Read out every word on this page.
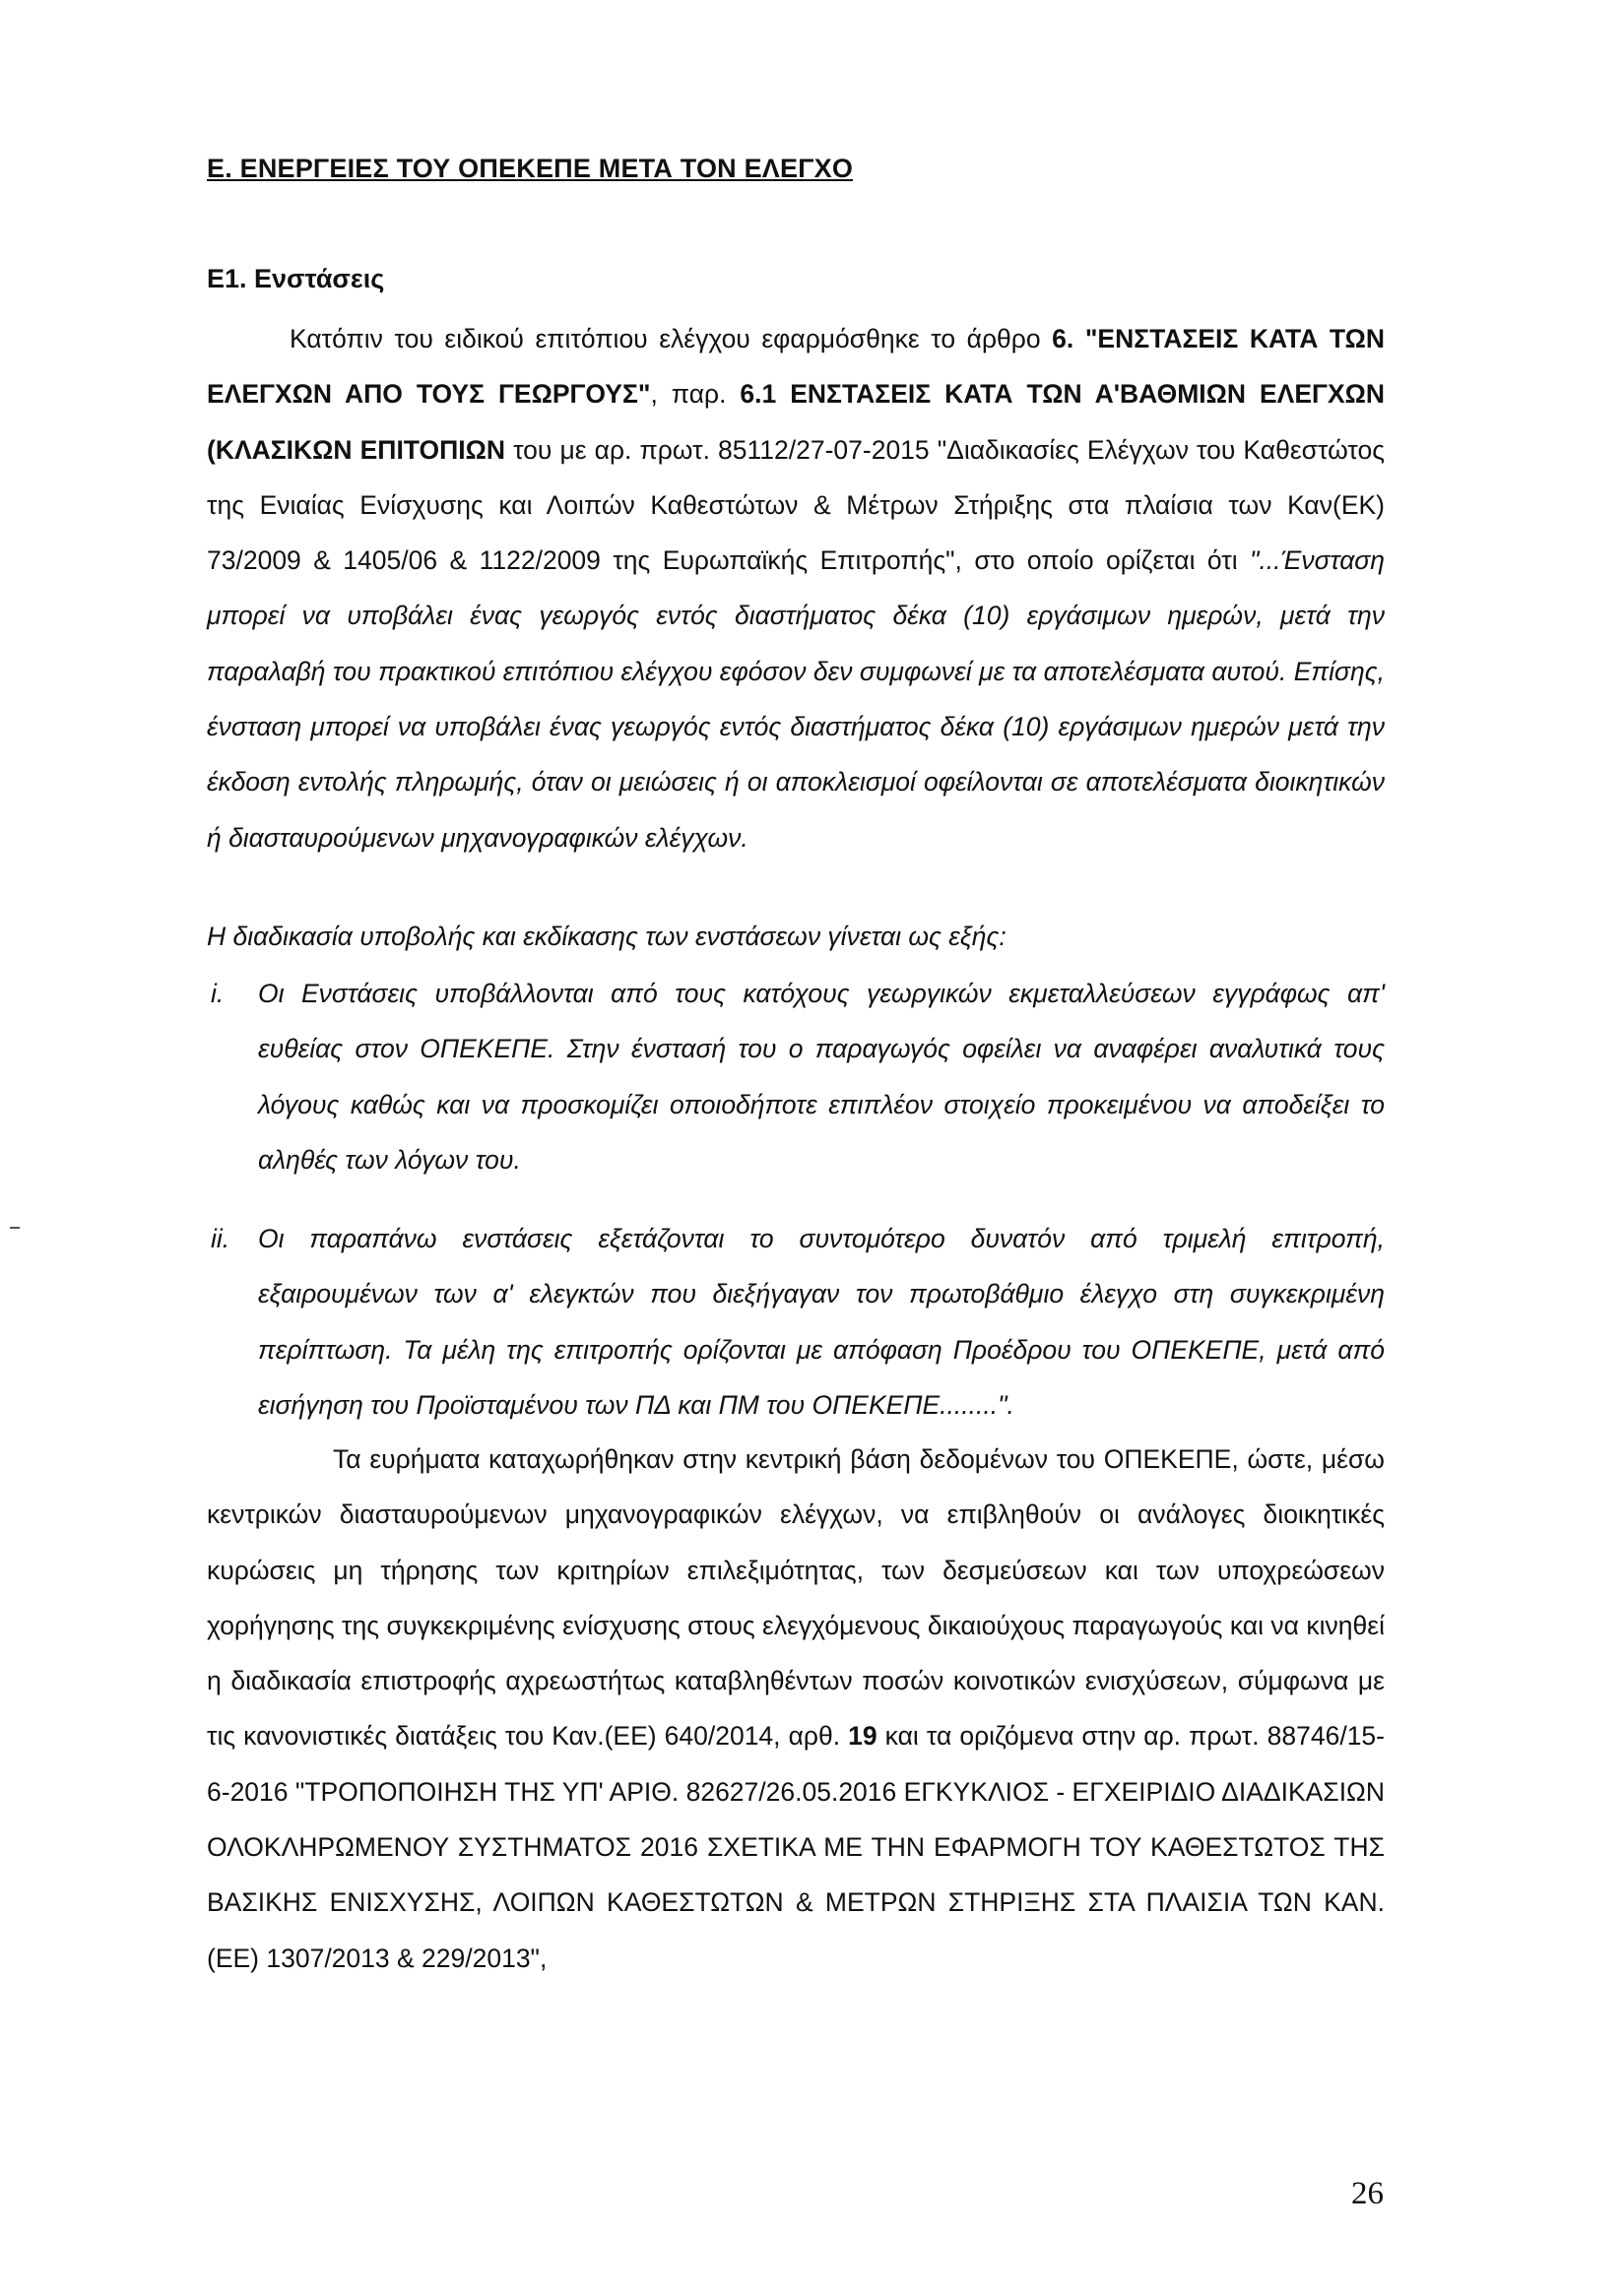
Ε. ΕΝΕΡΓΕΙΕΣ ΤΟΥ ΟΠΕΚΕΠΕ ΜΕΤΑ ΤΟΝ ΕΛΕΓΧΟ
Ε1. Ενστάσεις

Κατόπιν του ειδικού επιτόπιου ελέγχου εφαρμόσθηκε το άρθρο 6. "ΕΝΣΤΑΣΕΙΣ ΚΑΤΑ ΤΩΝ ΕΛΕΓΧΩΝ ΑΠΟ ΤΟΥΣ ΓΕΩΡΓΟΥΣ", παρ. 6.1 ΕΝΣΤΑΣΕΙΣ ΚΑΤΑ ΤΩΝ Α'ΒΑΘΜΙΩΝ ΕΛΕΓΧΩΝ (ΚΛΑΣΙΚΩΝ ΕΠΙΤΟΠΙΩΝ του με αρ. πρωτ. 85112/27-07-2015 "Διαδικασίες Ελέγχων του Καθεστώτος της Ενιαίας Ενίσχυσης και Λοιπών Καθεστώτων & Μέτρων Στήριξης στα πλαίσια των Καν(ΕΚ) 73/2009 & 1405/06 & 1122/2009 της Ευρωπαϊκής Επιτροπής", στο οποίο ορίζεται ότι "...Ένσταση μπορεί να υποβάλει ένας γεωργός εντός διαστήματος δέκα (10) εργάσιμων ημερών, μετά την παραλαβή του πρακτικού επιτόπιου ελέγχου εφόσον δεν συμφωνεί με τα αποτελέσματα αυτού. Επίσης, ένσταση μπορεί να υποβάλει ένας γεωργός εντός διαστήματος δέκα (10) εργάσιμων ημερών μετά την έκδοση εντολής πληρωμής, όταν οι μειώσεις ή οι αποκλεισμοί οφείλονται σε αποτελέσματα διοικητικών ή διασταυρούμενων μηχανογραφικών ελέγχων.

Η διαδικασία υποβολής και εκδίκασης των ενστάσεων γίνεται ως εξής:

i. Οι Ενστάσεις υποβάλλονται από τους κατόχους γεωργικών εκμεταλλεύσεων εγγράφως απ' ευθείας στον ΟΠΕΚΕΠΕ. Στην ένστασή του ο παραγωγός οφείλει να αναφέρει αναλυτικά τους λόγους καθώς και να προσκομίζει οποιοδήποτε επιπλέον στοιχείο προκειμένου να αποδείξει το αληθές των λόγων του.

ii. Οι παραπάνω ενστάσεις εξετάζονται το συντομότερο δυνατόν από τριμελή επιτροπή, εξαιρουμένων των α' ελεγκτών που διεξήγαγαν τον πρωτοβάθμιο έλεγχο στη συγκεκριμένη περίπτωση. Τα μέλη της επιτροπής ορίζονται με απόφαση Προέδρου του ΟΠΕΚΕΠΕ, μετά από εισήγηση του Προϊσταμένου των ΠΔ και ΠΜ του ΟΠΕΚΕΠΕ........".

Τα ευρήματα καταχωρήθηκαν στην κεντρική βάση δεδομένων του ΟΠΕΚΕΠΕ, ώστε, μέσω κεντρικών διασταυρούμενων μηχανογραφικών ελέγχων, να επιβληθούν οι ανάλογες διοικητικές κυρώσεις μη τήρησης των κριτηρίων επιλεξιμότητας, των δεσμεύσεων και των υποχρεώσεων χορήγησης της συγκεκριμένης ενίσχυσης στους ελεγχόμενους δικαιούχους παραγωγούς και να κινηθεί η διαδικασία επιστροφής αχρεωστήτως καταβληθέντων ποσών κοινοτικών ενισχύσεων, σύμφωνα με τις κανονιστικές διατάξεις του Καν.(ΕΕ) 640/2014, αρθ. 19 και τα οριζόμενα στην αρ. πρωτ. 88746/15-6-2016 "ΤΡΟΠΟΠΟΙΗΣΗ ΤΗΣ ΥΠ' ΑΡΙΘ. 82627/26.05.2016 ΕΓΚΥΚΛΙΟΣ - ΕΓΧΕΙΡΙΔΙΟ ΔΙΑΔΙΚΑΣΙΩΝ ΟΛΟΚΛΗΡΩΜΕΝΟΥ ΣΥΣΤΗΜΑΤΟΣ 2016 ΣΧΕΤΙΚΑ ΜΕ ΤΗΝ ΕΦΑΡΜΟΓΗ ΤΟΥ ΚΑΘΕΣΤΩΤΟΣ ΤΗΣ ΒΑΣΙΚΗΣ ΕΝΙΣΧΥΣΗΣ, ΛΟΙΠΩΝ ΚΑΘΕΣΤΩΤΩΝ & ΜΕΤΡΩΝ ΣΤΗΡΙΞΗΣ ΣΤΑ ΠΛΑΙΣΙΑ ΤΩΝ ΚΑΝ. (ΕΕ) 1307/2013 & 229/2013",

26
